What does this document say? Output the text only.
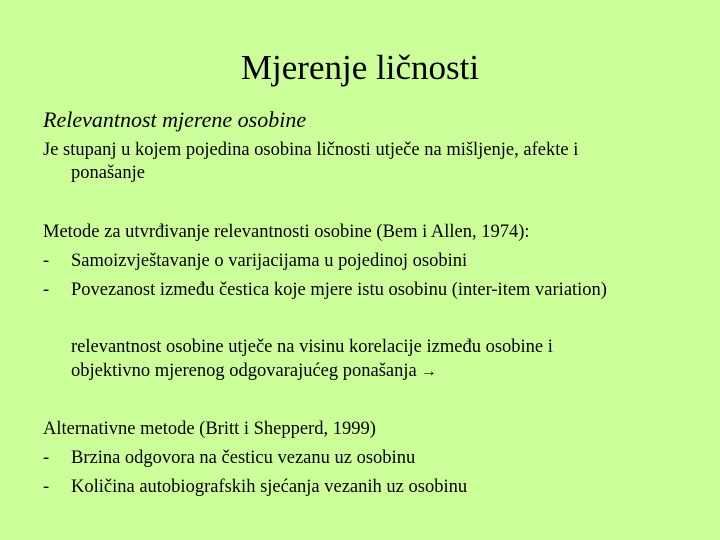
Mjerenje ličnosti
Relevantnost mjerene osobine
Je stupanj u kojem pojedina osobina ličnosti utječe na mišljenje, afekte i
ponašanje
Metode za utvrđivanje relevantnosti osobine (Bem i Allen, 1974):
- Samoizvještavanje o varijacijama u pojedinoj osobini
- Povezanost između čestica koje mjere istu osobinu (inter-item variation)
relevantnost osobine utječe na visinu korelacije između osobine i
objektivno mjerenog odgovarajućeg ponašanja →
Alternativne metode (Britt i Shepperd, 1999)
- Brzina odgovora na česticu vezanu uz osobinu
- Količina autobiografskih sjećanja vezanih uz osobinu
